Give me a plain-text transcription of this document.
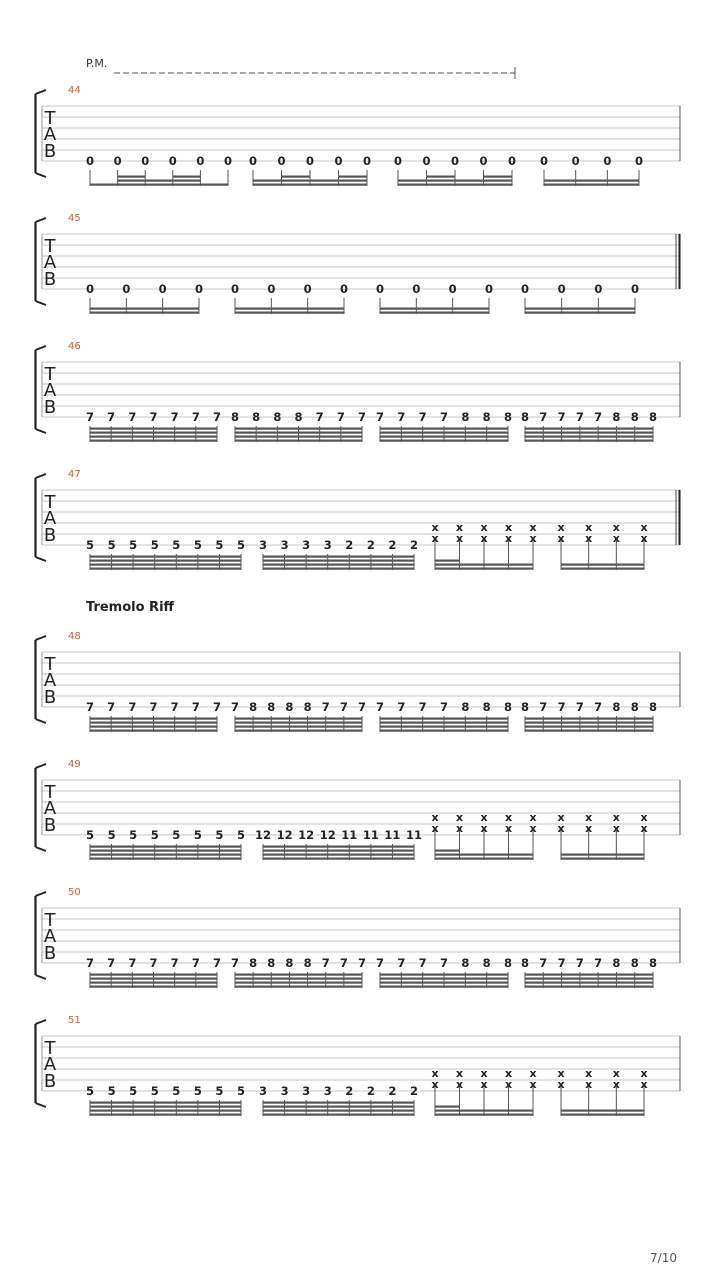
P.M.
Tremolo Riff
7/10
T
A
B
44
0 0 0 0 0 0 0 0 0 0 0 0 0 0 0 0 0 0 0 0
T
A
B
45
0 0 0 0 0 0 0 0 0 0 0 0 0 0 0 0
T
A
B
46
7 7 7 7 7 7 7 8 8 8 8 7 7 7 7 7 7 7 8 8 8 8 7 7 7 7 8 8 8
T
A
B
47
5 5 5 5 5 5 5 5 3 3 3 3 2 2 2 2
x
x
x
x
x
x
x
x
x
x
x
x
x
x
x
x
x
x
T
A
B
48
7 7 7 7 7 7 7 7 8 8 8 8 7 7 7 7 7 7 7 8 8 8 8 7 7 7 7 8 8 8
T
A
B
49
5 5 5 5 5 5 5 5 12 12 12 12 11 11 11 11
x
x
x
x
x
x
x
x
x
x
x
x
x
x
x
x
x
x
T
A
B
50
7 7 7 7 7 7 7 7 8 8 8 8 7 7 7 7 7 7 7 8 8 8 8 7 7 7 7 8 8 8
T
A
B
51
5 5 5 5 5 5 5 5 3 3 3 3 2 2 2 2
x
x
x
x
x
x
x
x
x
x
x
x
x
x
x
x
x
x
